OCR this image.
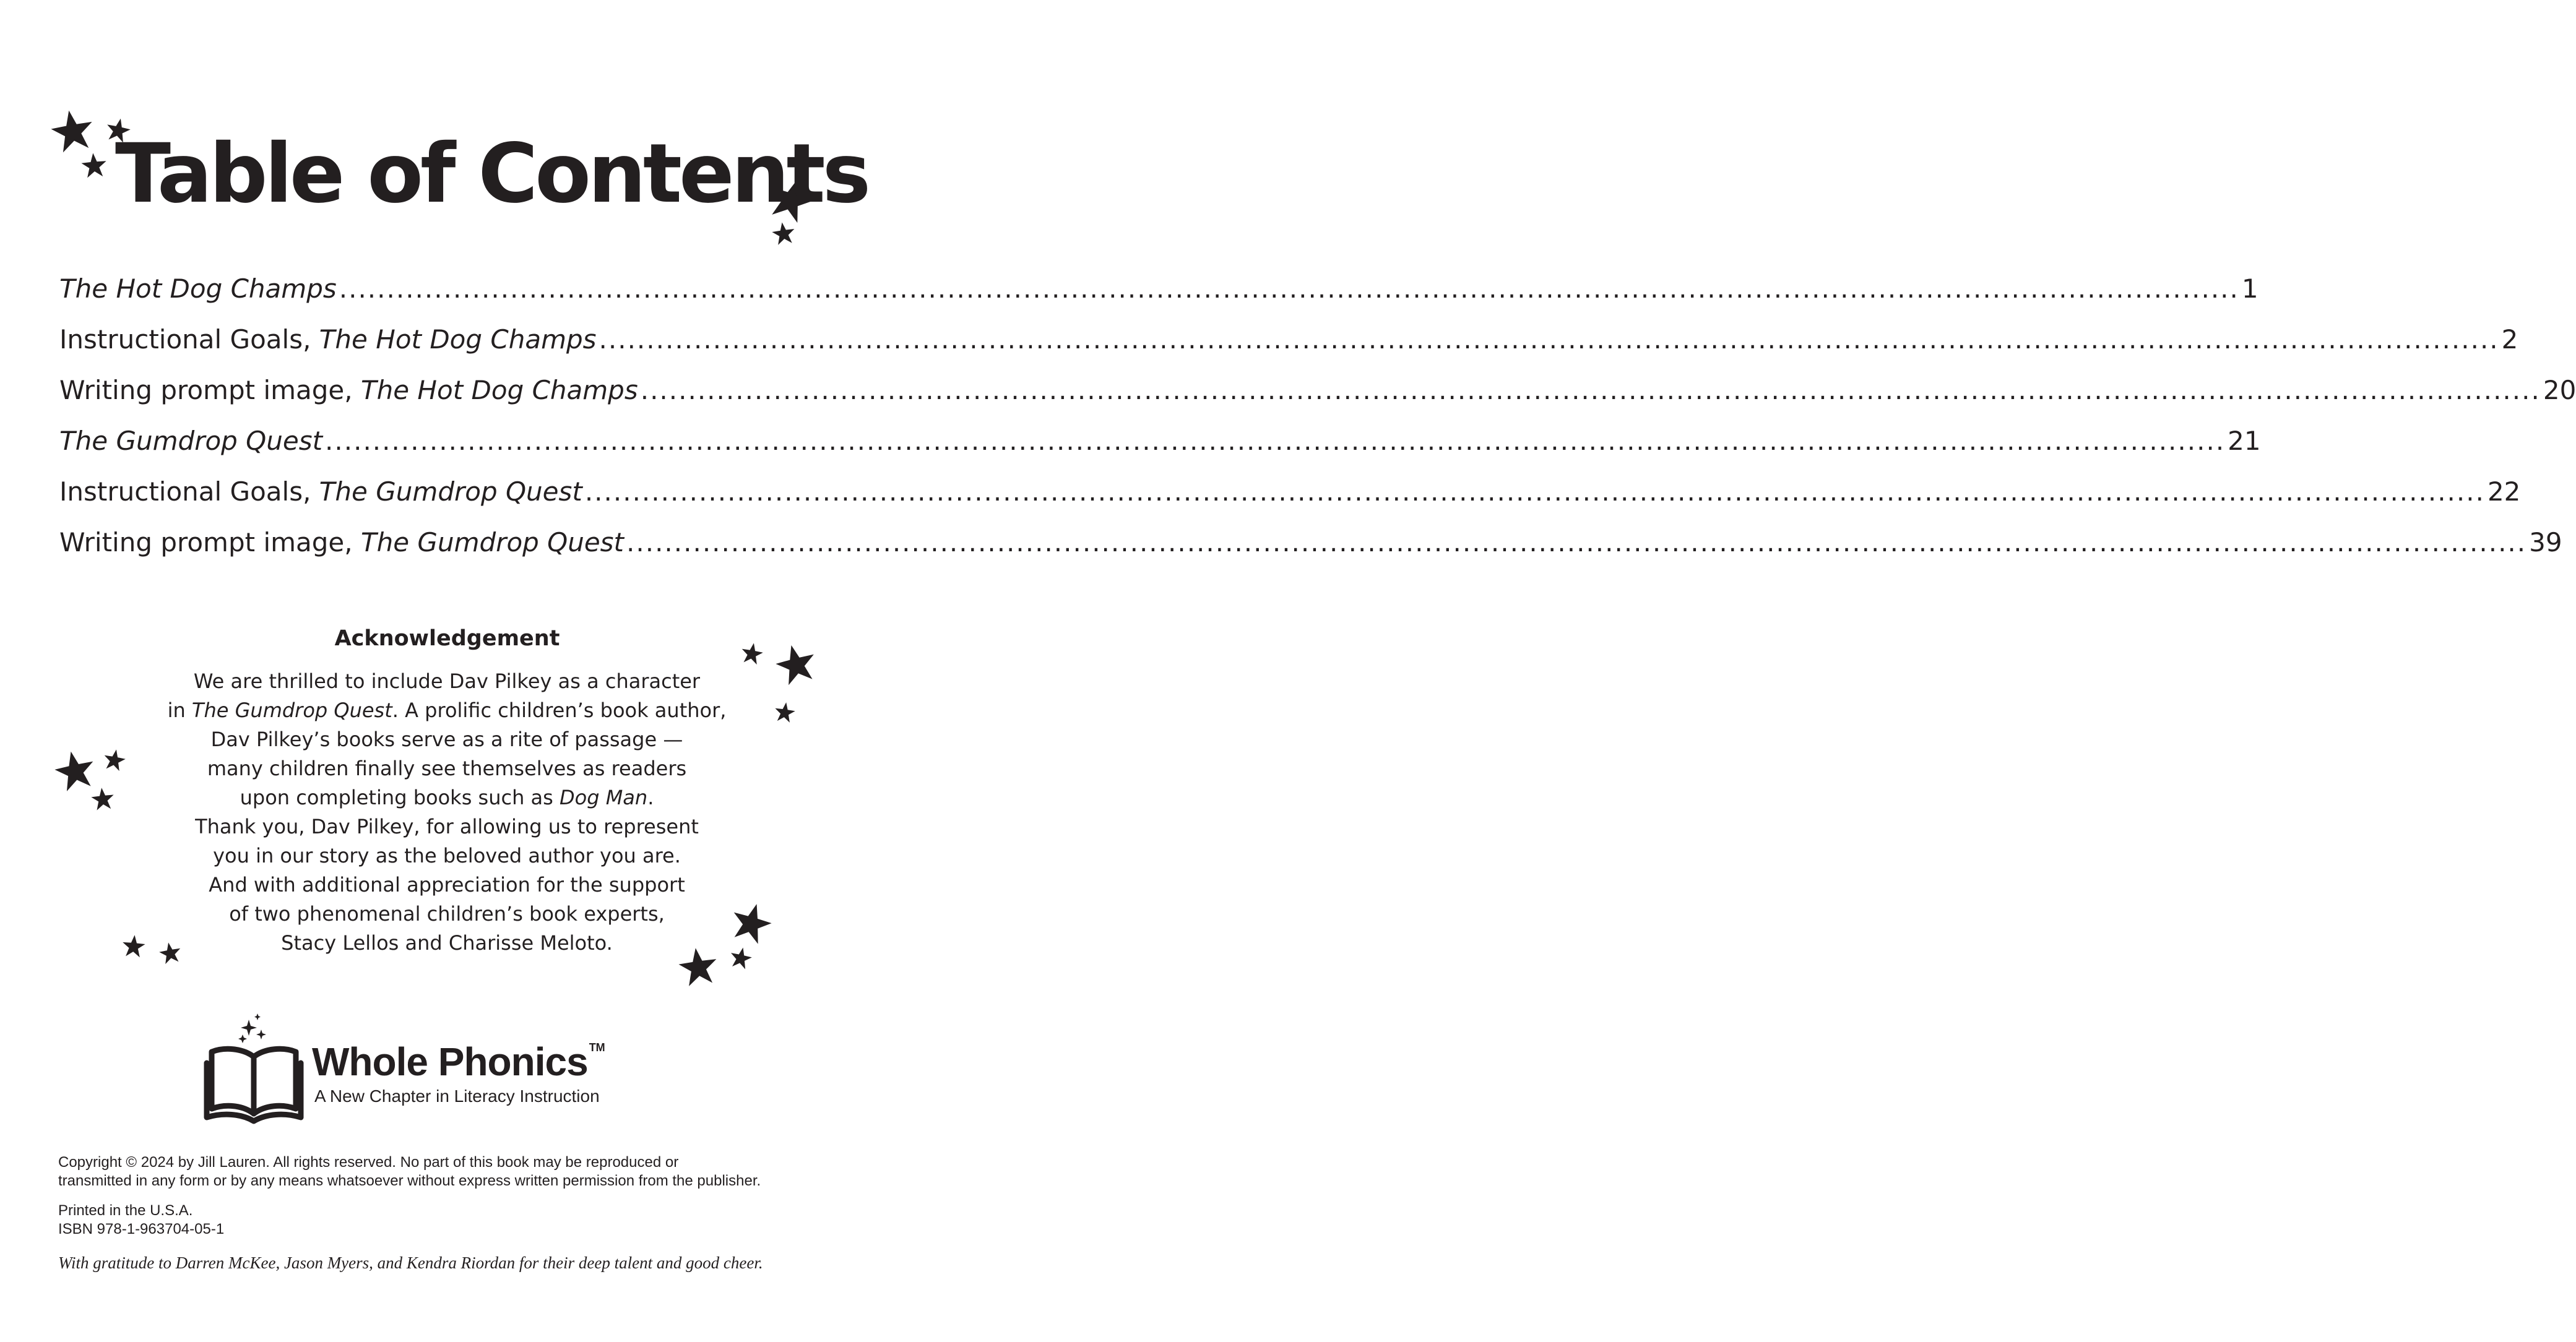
Table of Contents
The Hot Dog Champs ........................................................................................................................................................................................................ 1
Instructional Goals, The Hot Dog Champs ........................................................................................................................................................................................................ 2
Writing prompt image, The Hot Dog Champs ........................................................................................................................................................................................................ 20
The Gumdrop Quest ........................................................................................................................................................................................................ 21
Instructional Goals, The Gumdrop Quest ........................................................................................................................................................................................................ 22
Writing prompt image, The Gumdrop Quest ........................................................................................................................................................................................................ 39
Acknowledgement
We are thrilled to include Dav Pilkey as a character
in The Gumdrop Quest. A prolific children’s book author,
Dav Pilkey’s books serve as a rite of passage —
many children finally see themselves as readers
upon completing books such as Dog Man.
Thank you, Dav Pilkey, for allowing us to represent
you in our story as the beloved author you are.
And with additional appreciation for the support
of two phenomenal children’s book experts,
Stacy Lellos and Charisse Meloto.
Whole Phonics ™
A New Chapter in Literacy Instruction

Copyright © 2024 by Jill Lauren. All rights reserved. No part of this book may be reproduced or

transmitted in any form or by any means whatsoever without express written permission from the publisher.

Printed in the U.S.A.

ISBN 978-1-963704-05-1

With gratitude to Darren McKee, Jason Myers, and Kendra Riordan for their deep talent and good cheer.
